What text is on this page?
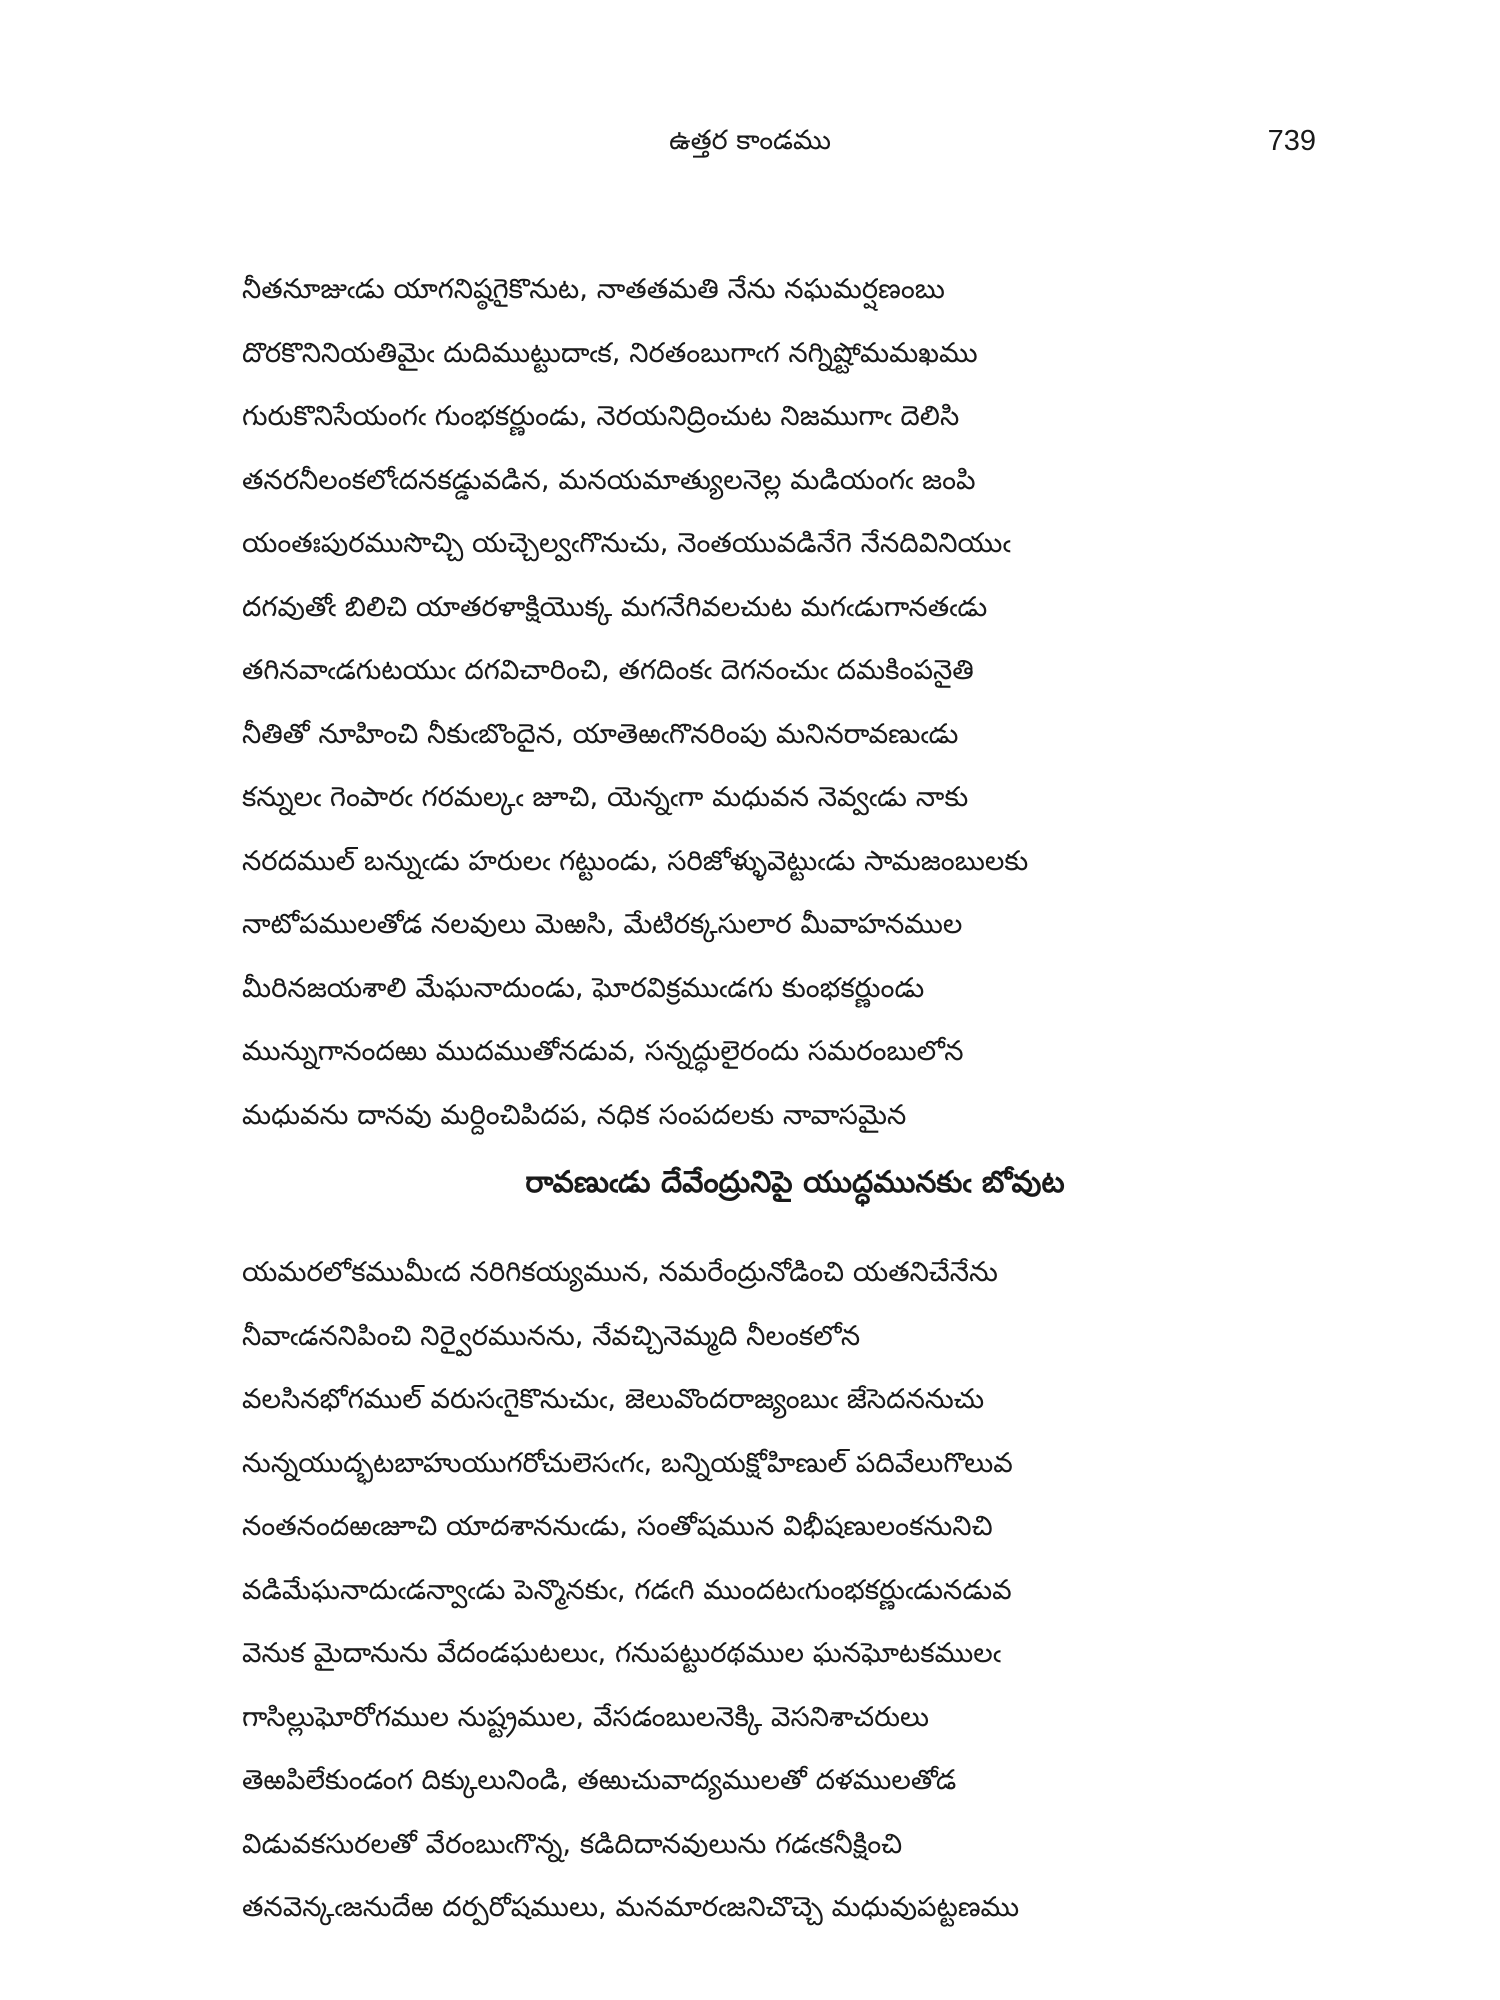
ఉత్తర కాండము	739
నీతనూజుఁడు యాగనిష్ఠగైకొనుట, నాతతమతి నేను నఘమర్షణంబు
దొరకొనినియతిమైఁ దుదిముట్టుదాఁక, నిరతంబుగాఁగ నగ్నిష్టోమమఖము
గురుకొనిసేయంగఁ గుంభకర్ణుండు, నెరయనిద్రించుట నిజముగాఁ దెలిసి
తనరనీలంకలోఁదనకడ్డువడిన, మనయమాత్యులనెల్ల మడియంగఁ జంపి
యంతఃపురముసొచ్చి యచ్చెల్వఁగొనుచు, నెంతయువడినేగె నేనదివినియుఁ
దగవుతోఁ బిలిచి యాతరళాక్షియొక్క మగనేగివలచుట మగఁడుగానతఁడు
తగినవాఁడగుటయుఁ దగవిచారించి, తగదింకఁ దెగనంచుఁ దమకింపనైతి
నీతితో నూహించి నీకుఁబొందైన, యాతెఱఁగొనరింపు మనినరావణుఁడు
కన్నులఁ గెంపారఁ గరమల్కఁ జూచి, యెన్నఁగా మధువన నెవ్వఁడు నాకు
నరదముల్ బన్నుఁడు హరులఁ గట్టుండు, సరిజోళ్ళువెట్టుఁడు సామజంబులకు
నాటోపములతోడ నలవులు మెఱసి, మేటిరక్కసులార మీవాహనముల
మీరినజయశాలి మేఘనాదుండు, ఘోరవిక్రముఁడగు కుంభకర్ణుండు
మున్నుగానందఱు ముదముతోనడువ, సన్నద్ధులైరందు సమరంబులోన
మధువను దానవు మర్దించిపిదప, నధిక సంపదలకు నావాసమైన
రావణుఁడు దేవేంద్రునిపై యుద్ధమునకుఁ బోవుట
యమరలోకముమీఁద నరిగికయ్యమున, నమరేంద్రునోడించి యతనిచేనేను
నీవాఁడననిపించి నిర్వైరమునను, నేవచ్చినెమ్మది నీలంకలోన
వలసినభోగముల్ వరుసఁగైకొనుచుఁ, జెలువొందరాజ్యంబుఁ జేసెదననుచు
నున్నయుద్భటబాహుయుగరోచులెసఁగఁ, బన్నియక్షోహిణుల్ పదివేలుగొలువ
నంతనందఱఁజూచి యాదశాననుఁడు, సంతోషమున విభీషణులంకనునిచి
వడిమేఘనాదుఁడన్వాఁడు పెన్మొనకుఁ, గడఁగి ముందటఁగుంభకర్ణుఁడునడువ
వెనుక మైదానును వేదండఘటలుఁ, గనుపట్టురథముల ఘనఘోటకములఁ
గాసిల్లుఘోరోగముల నుష్ట్రముల, వేసడంబులనెక్కి వెసనిశాచరులు
తెఱపిలేకుండంగ దిక్కులునిండి, తఱుచువాద్యములతో దళములతోడ
విడువకసురలతో వేరంబుఁగొన్న, కడిదిదానవులును గడఁకనీక్షించి
తనవెన్కఁజనుదేఱ దర్పరోషములు, మనమారఁజనిచొచ్చె మధువుపట్టణము
